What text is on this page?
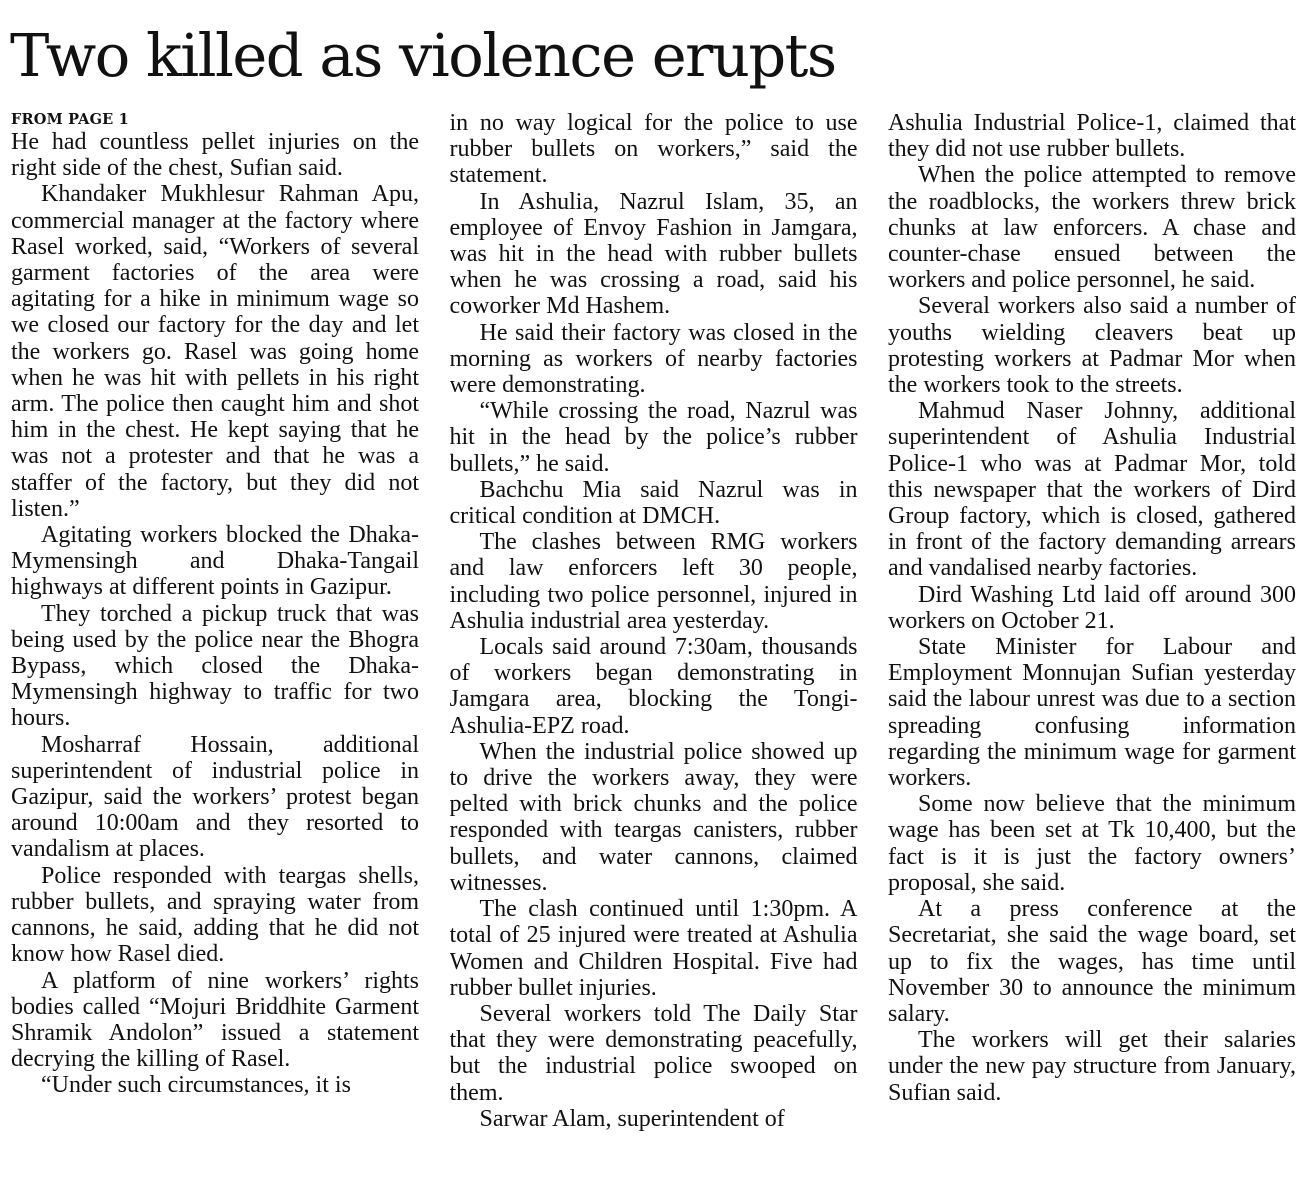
Two killed as violence erupts
FROM PAGE 1

He had countless pellet injuries on the right side of the chest, Sufian said.

Khandaker Mukhlesur Rahman Apu, commercial manager at the factory where Rasel worked, said, “Workers of several garment factories of the area were agitating for a hike in minimum wage so we closed our factory for the day and let the workers go. Rasel was going home when he was hit with pellets in his right arm. The police then caught him and shot him in the chest. He kept saying that he was not a protester and that he was a staffer of the factory, but they did not listen.”

Agitating workers blocked the Dhaka-Mymensingh and Dhaka-Tangail highways at different points in Gazipur.

They torched a pickup truck that was being used by the police near the Bhogra Bypass, which closed the Dhaka-Mymensingh highway to traffic for two hours.

Mosharraf Hossain, additional superintendent of industrial police in Gazipur, said the workers’ protest began around 10:00am and they resorted to vandalism at places.

Police responded with teargas shells, rubber bullets, and spraying water from cannons, he said, adding that he did not know how Rasel died.

A platform of nine workers’ rights bodies called “Mojuri Briddhite Garment Shramik Andolon” issued a statement decrying the killing of Rasel.

“Under such circumstances, it is

in no way logical for the police to use rubber bullets on workers,” said the statement.

In Ashulia, Nazrul Islam, 35, an employee of Envoy Fashion in Jamgara, was hit in the head with rubber bullets when he was crossing a road, said his coworker Md Hashem.

He said their factory was closed in the morning as workers of nearby factories were demonstrating.

“While crossing the road, Nazrul was hit in the head by the police’s rubber bullets,” he said.

Bachchu Mia said Nazrul was in critical condition at DMCH.

The clashes between RMG workers and law enforcers left 30 people, including two police personnel, injured in Ashulia industrial area yesterday.

Locals said around 7:30am, thousands of workers began demonstrating in Jamgara area, blocking the Tongi-Ashulia-EPZ road.

When the industrial police showed up to drive the workers away, they were pelted with brick chunks and the police responded with teargas canisters, rubber bullets, and water cannons, claimed witnesses.

The clash continued until 1:30pm. A total of 25 injured were treated at Ashulia Women and Children Hospital. Five had rubber bullet injuries.

Several workers told The Daily Star that they were demonstrating peacefully, but the industrial police swooped on them.

Sarwar Alam, superintendent of

Ashulia Industrial Police-1, claimed that they did not use rubber bullets.

When the police attempted to remove the roadblocks, the workers threw brick chunks at law enforcers. A chase and counter-chase ensued between the workers and police personnel, he said.

Several workers also said a number of youths wielding cleavers beat up protesting workers at Padmar Mor when the workers took to the streets.

Mahmud Naser Johnny, additional superintendent of Ashulia Industrial Police-1 who was at Padmar Mor, told this newspaper that the workers of Dird Group factory, which is closed, gathered in front of the factory demanding arrears and vandalised nearby factories.

Dird Washing Ltd laid off around 300 workers on October 21.

State Minister for Labour and Employment Monnujan Sufian yesterday said the labour unrest was due to a section spreading confusing information regarding the minimum wage for garment workers.

Some now believe that the minimum wage has been set at Tk 10,400, but the fact is it is just the factory owners’ proposal, she said.

At a press conference at the Secretariat, she said the wage board, set up to fix the wages, has time until November 30 to announce the minimum salary.

The workers will get their salaries under the new pay structure from January, Sufian said.
